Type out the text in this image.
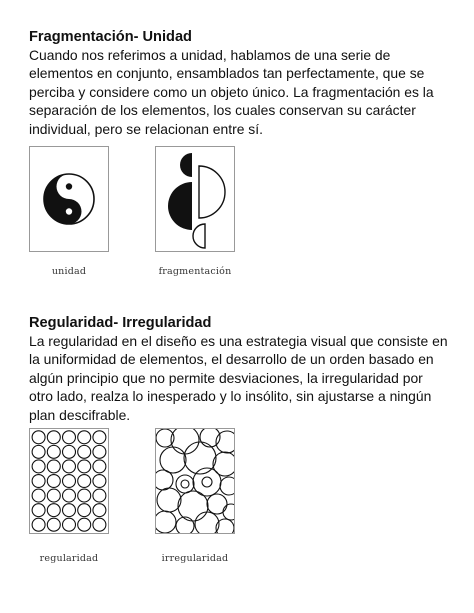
Fragmentación- Unidad

Cuando nos referimos a unidad, hablamos de una serie de elementos en conjunto, ensamblados tan perfectamente, que se perciba y considere como un objeto único. La fragmentación es la separación de los elementos, los cuales conservan su carácter individual, pero se relacionan entre sí.

unidad	fragmentación

Regularidad- Irregularidad

La regularidad en el diseño es una estrategia visual que consiste en la uniformidad de elementos, el desarrollo de un orden basado en algún principio que no permite desviaciones, la irregularidad por otro lado, realza lo inesperado y lo insólito, sin ajustarse a ningún plan descifrable.

regularidad	irregularidad
